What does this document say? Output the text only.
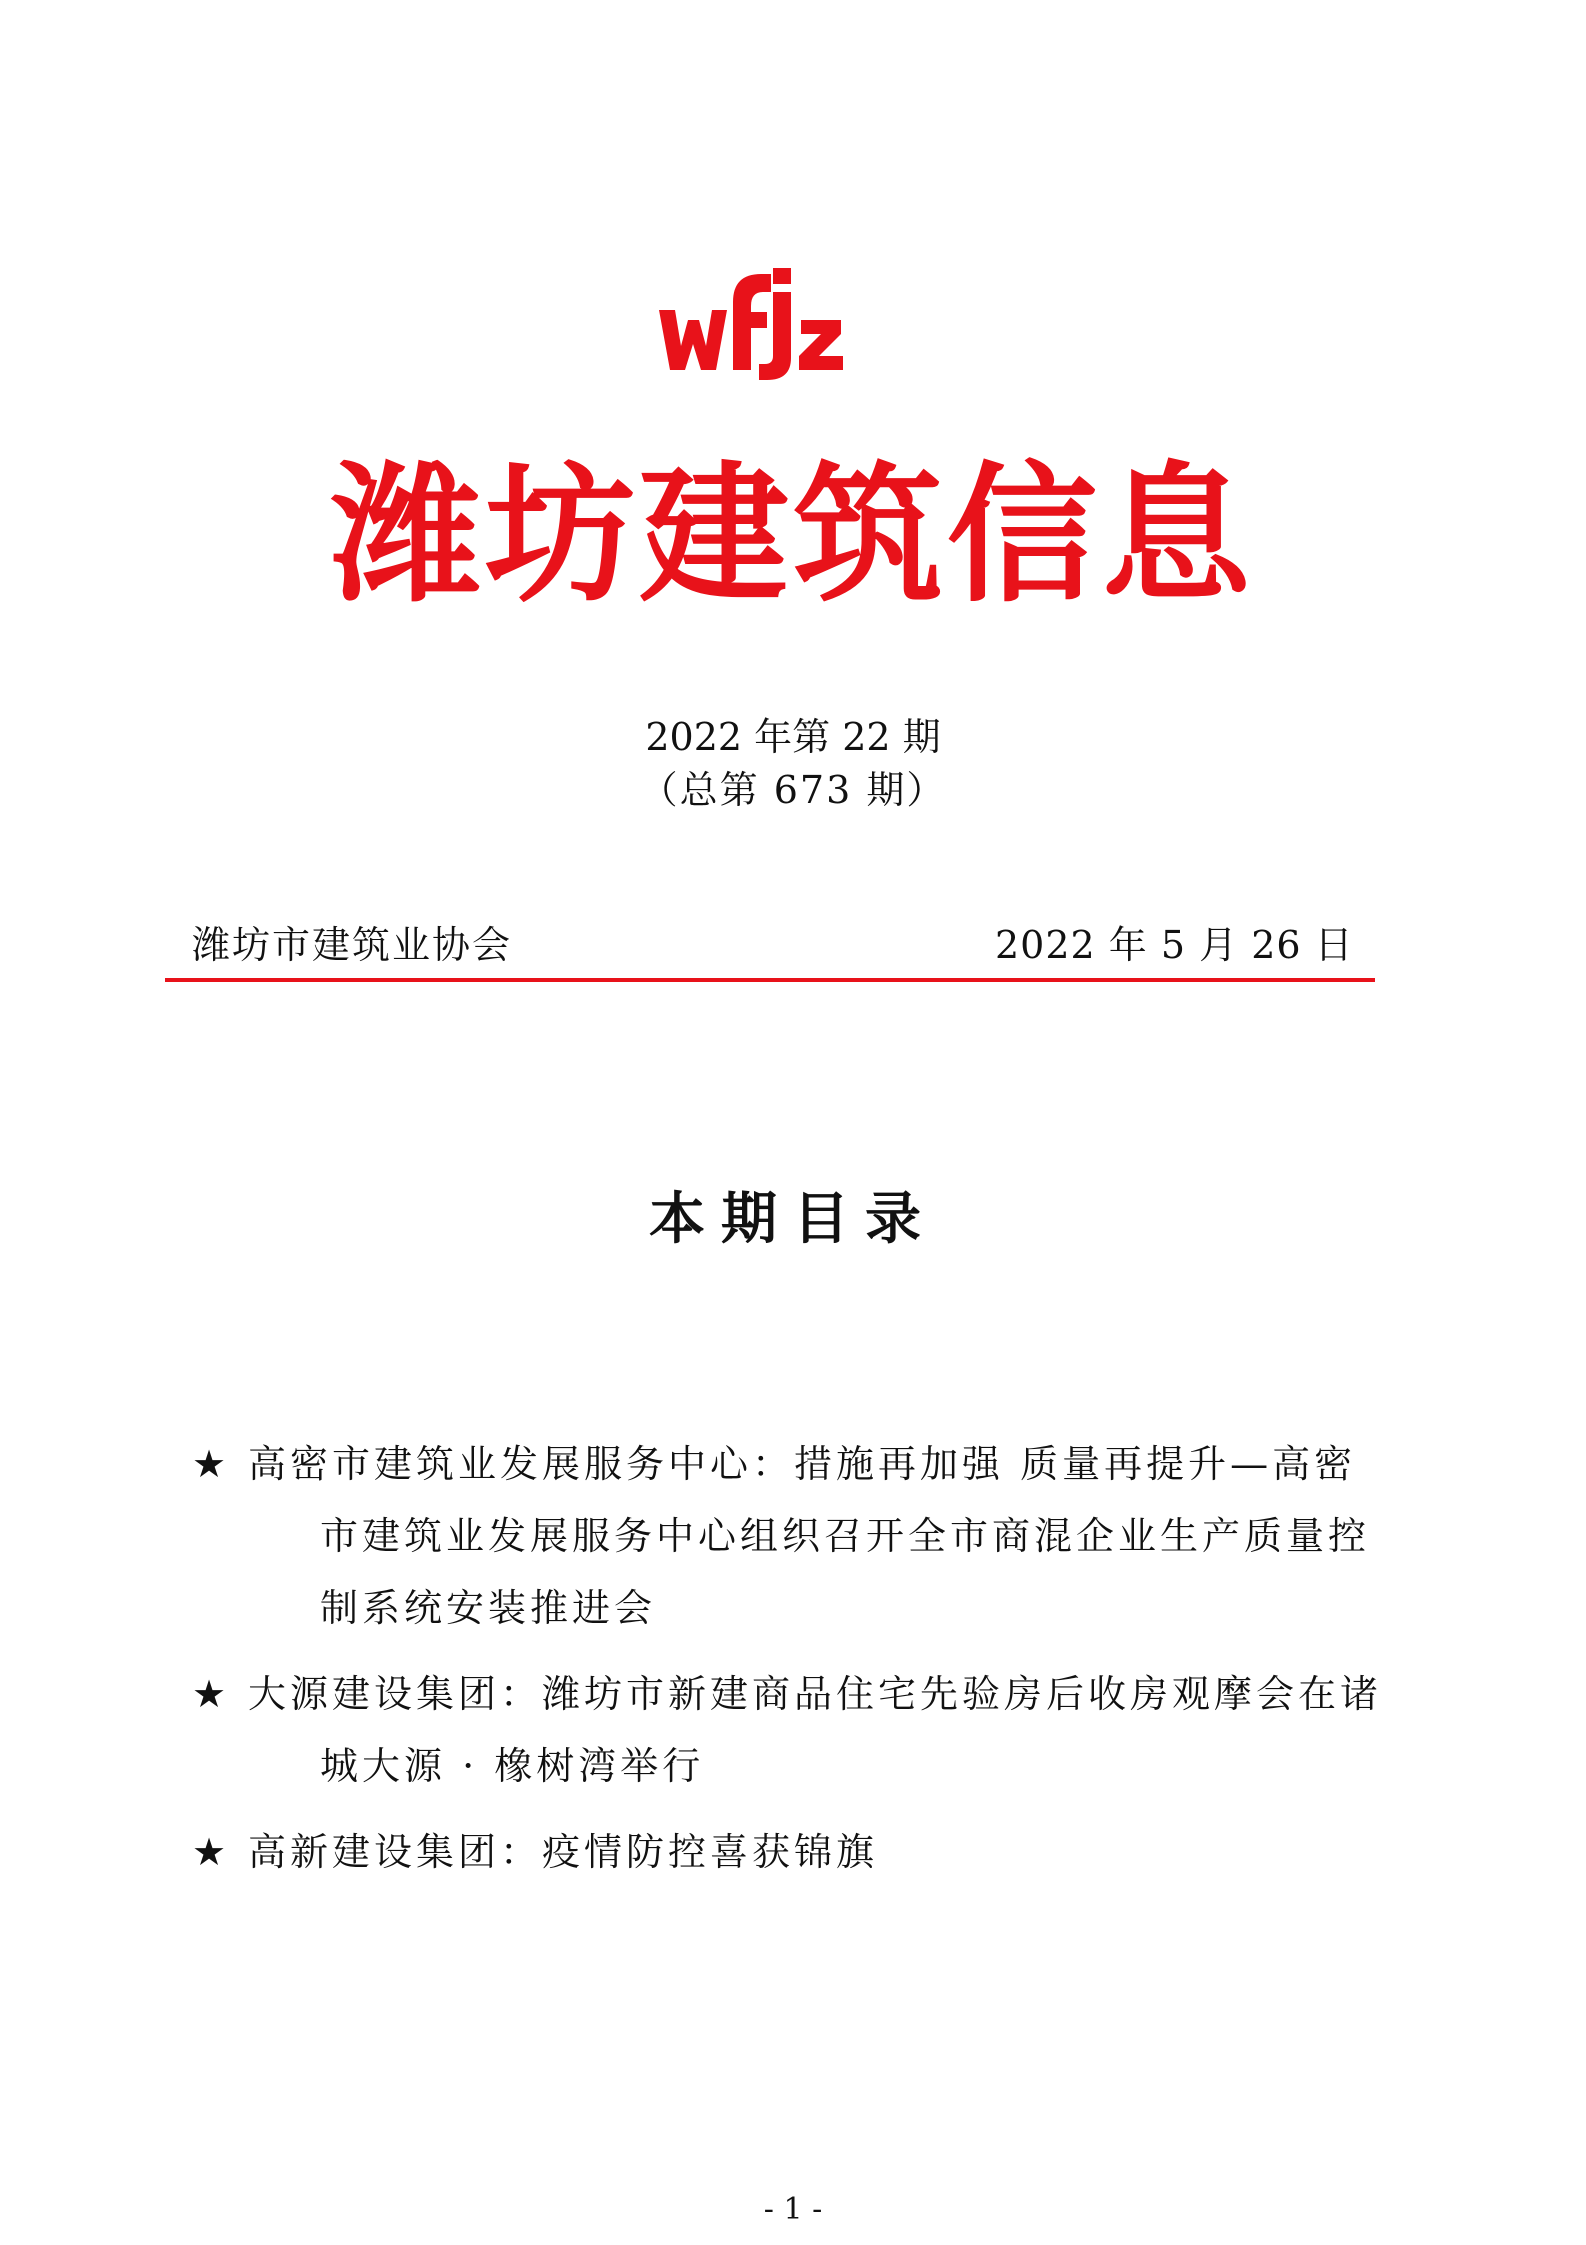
潍坊建筑信息
2022 年第 22 期
（总第 673 期）
潍坊市建筑业协会	2022 年 5 月 26 日
本期目录
★ 高密市建筑业发展服务中心：措施再加强 质量再提升—高密
市建筑业发展服务中心组织召开全市商混企业生产质量控
制系统安装推进会
★ 大源建设集团：潍坊市新建商品住宅先验房后收房观摩会在诸
城大源 · 橡树湾举行
★ 高新建设集团：疫情防控喜获锦旗
- 1 -
